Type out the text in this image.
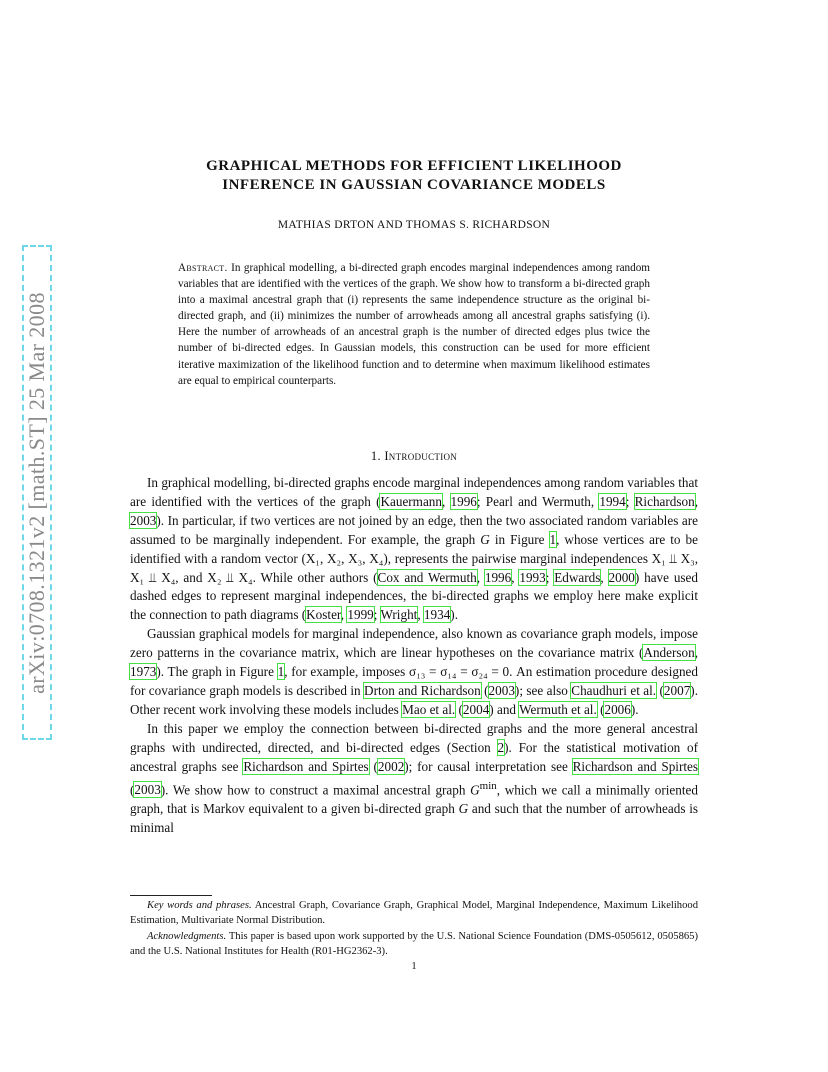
arXiv:0708.1321v2 [math.ST] 25 Mar 2008
GRAPHICAL METHODS FOR EFFICIENT LIKELIHOOD
INFERENCE IN GAUSSIAN COVARIANCE MODELS
MATHIAS DRTON AND THOMAS S. RICHARDSON
Abstract. In graphical modelling, a bi-directed graph encodes marginal independences among random variables that are identified with the vertices of the graph. We show how to transform a bi-directed graph into a maximal ancestral graph that (i) represents the same independence structure as the original bi-directed graph, and (ii) minimizes the number of arrowheads among all ancestral graphs satisfying (i). Here the number of arrowheads of an ancestral graph is the number of directed edges plus twice the number of bi-directed edges. In Gaussian models, this construction can be used for more efficient iterative maximization of the likelihood function and to determine when maximum likelihood estimates are equal to empirical counterparts.
1. Introduction

In graphical modelling, bi-directed graphs encode marginal independences among random variables that are identified with the vertices of the graph (Kauermann, 1996; Pearl and Wermuth, 1994; Richardson, 2003). In particular, if two vertices are not joined by an edge, then the two associated random variables are assumed to be marginally independent. For example, the graph G in Figure 1, whose vertices are to be identified with a random vector (X₁, X₂, X₃, X₄), represents the pairwise marginal independences X₁ ⫫ X₃, X₁ ⫫ X₄, and X₂ ⫫ X₄. While other authors (Cox and Wermuth, 1996, 1993; Edwards, 2000) have used dashed edges to represent marginal independences, the bi-directed graphs we employ here make explicit the connection to path diagrams (Koster, 1999; Wright, 1934).

Gaussian graphical models for marginal independence, also known as covariance graph models, impose zero patterns in the covariance matrix, which are linear hypotheses on the covariance matrix (Anderson, 1973). The graph in Figure 1, for example, imposes σ₁₃ = σ₁₄ = σ₂₄ = 0. An estimation procedure designed for covariance graph models is described in Drton and Richardson (2003); see also Chaudhuri et al. (2007). Other recent work involving these models includes Mao et al. (2004) and Wermuth et al. (2006).

In this paper we employ the connection between bi-directed graphs and the more general ancestral graphs with undirected, directed, and bi-directed edges (Section 2). For the statistical motivation of ancestral graphs see Richardson and Spirtes (2002); for causal interpretation see Richardson and Spirtes (2003). We show how to construct a maximal ancestral graph $G^{min}$, which we call a minimally oriented graph, that is Markov equivalent to a given bi-directed graph G and such that the number of arrowheads is minimal

Key words and phrases. Ancestral Graph, Covariance Graph, Graphical Model, Marginal Independence, Maximum Likelihood Estimation, Multivariate Normal Distribution.

Acknowledgments. This paper is based upon work supported by the U.S. National Science Foundation (DMS-0505612, 0505865) and the U.S. National Institutes for Health (R01-HG2362-3).

1
